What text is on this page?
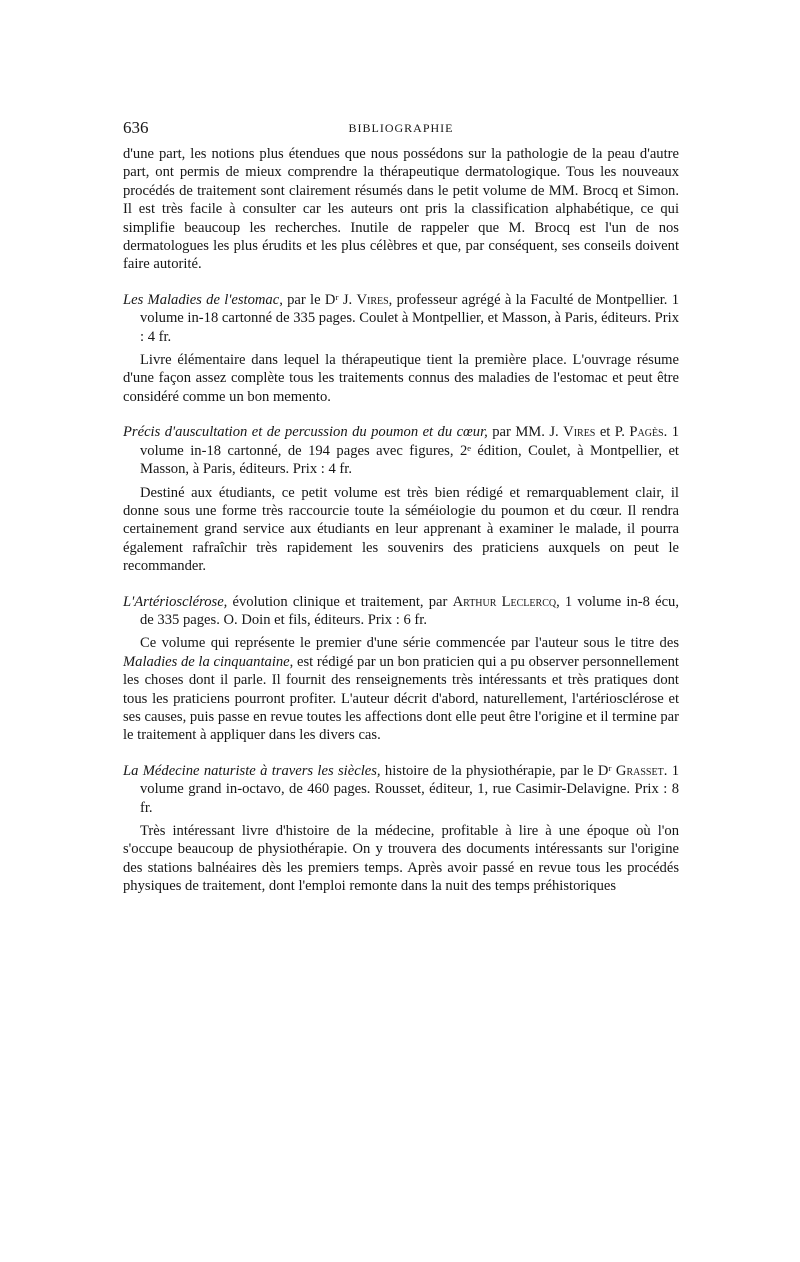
636	BIBLIOGRAPHIE

d'une part, les notions plus étendues que nous possédons sur la pathologie de la peau d'autre part, ont permis de mieux comprendre la thérapeutique dermatologique. Tous les nouveaux procédés de traitement sont clairement résumés dans le petit volume de MM. Brocq et Simon. Il est très facile à consulter car les auteurs ont pris la classification alphabétique, ce qui simplifie beaucoup les recherches. Inutile de rappeler que M. Brocq est l'un de nos dermatologues les plus érudits et les plus célèbres et que, par conséquent, ses conseils doivent faire autorité.

Les Maladies de l'estomac, par le Dʳ J. Vires, professeur agrégé à la Faculté de Montpellier. 1 volume in-18 cartonné de 335 pages. Coulet à Montpellier, et Masson, à Paris, éditeurs. Prix : 4 fr.

Livre élémentaire dans lequel la thérapeutique tient la première place. L'ouvrage résume d'une façon assez complète tous les traitements connus des maladies de l'estomac et peut être considéré comme un bon memento.

Précis d'auscultation et de percussion du poumon et du cœur, par MM. J. Vires et P. Pagès. 1 volume in-18 cartonné, de 194 pages avec figures, 2ᵉ édition, Coulet, à Montpellier, et Masson, à Paris, éditeurs. Prix : 4 fr.

Destiné aux étudiants, ce petit volume est très bien rédigé et remarquablement clair, il donne sous une forme très raccourcie toute la séméiologie du poumon et du cœur. Il rendra certainement grand service aux étudiants en leur apprenant à examiner le malade, il pourra également rafraîchir très rapidement les souvenirs des praticiens auxquels on peut le recommander.

L'Artériosclérose, évolution clinique et traitement, par Arthur Leclercq, 1 volume in-8 écu, de 335 pages. O. Doin et fils, éditeurs. Prix : 6 fr.

Ce volume qui représente le premier d'une série commencée par l'auteur sous le titre des Maladies de la cinquantaine, est rédigé par un bon praticien qui a pu observer personnellement les choses dont il parle. Il fournit des renseignements très intéressants et très pratiques dont tous les praticiens pourront profiter. L'auteur décrit d'abord, naturellement, l'artériosclérose et ses causes, puis passe en revue toutes les affections dont elle peut être l'origine et il termine par le traitement à appliquer dans les divers cas.

La Médecine naturiste à travers les siècles, histoire de la physiothérapie, par le Dʳ Grasset. 1 volume grand in-octavo, de 460 pages. Rousset, éditeur, 1, rue Casimir-Delavigne. Prix : 8 fr.

Très intéressant livre d'histoire de la médecine, profitable à lire à une époque où l'on s'occupe beaucoup de physiothérapie. On y trouvera des documents intéressants sur l'origine des stations balnéaires dès les premiers temps. Après avoir passé en revue tous les procédés physiques de traitement, dont l'emploi remonte dans la nuit des temps préhistoriques
